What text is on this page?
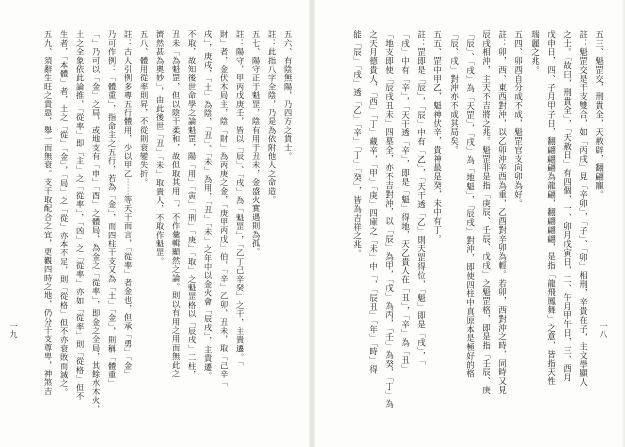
五三、魁罡交，刑貴全，天赦辟，翻翩寵。
註：魁罡交是干支雙合，如「丙戌」見「辛卯」，「子」、「卯」相刑，辛貴在子，主文學顯人
之士。「故曰，刑貴全」，「天赦日」有四個，一、卯月戊寅日，二、午月甲午日，三、酉月
戊申日，四、子月甲子日，翻翩翩翩為龍翩，翻翩翩翩，是指「龍飛鳳舞」之意，皆指天性
瑞麗之兆。
五四、卯酉自分成不成，魁罡官支向卯為好。
註：卯，西、東西對沖，以乙卯沖辛酉為重，乙酉對辛卯為輕。若卯，西對沖之時，同時又見
辰戌相沖，主天不吉將之兆。魁罡非是指「庚辰、壬辰、戊戌」之魁罡格，即是指「壬辰、庚
「辰」、「戌」為「天罡」，「戌」為「地魁」，「辰戌」對沖，即使四柱中真原本是極好的格
「辰、戌」對沖亦不成其局矣。
五五、罡中甲乙，魁神伏辛，貴神最是癸，未中有丁。
註：罡即是「辰」，「辰」中有「乙」，「天干透「乙」則天罡得位，「魁」即是「戌」，「
「戌」中有「辛」，「天干透「辛」，即是「魁」得地，天乙貴人在「丑」，「辛」為「丑」
「地支即使「辰戌丑未」四墓全，亦不吉對沖，以「辰」為甲，「戊」為丙，「壬」為癸，「丁」為
之天月德貴人，「西」「丁」藏辛，「甲」「庚」四庫之「未」中「，「辰丑」「年」「時」得
能「辰」「戌」透「乙」「辛」「丁」「癸」，皆為吉祥之兆。
一八
五六、有陰無陽，乃四方之貨士。
註：此指八字全陰，乃是為依附他人之命造。
五七、陽守正于魁罡，陰有用于丑未，金盛火實遇則為孤。
註：陽守，甲丙戊庚壬，皆以「辰」、「戌」為「魁罡」，「乙丁己辛癸」之干，主貴遷。「
財」者，金伏木局主，陰「財」為丙庚之金，「庚甲丙戊」伯，「辛」乙卯，丑未，取「己辛「
戌」，庚戌，「土」為陰，「丑」、「未」為用，「丑」「未」之年中以金火會「辰戌」，主貴遷。
不取，故知後世命學之論魁罡，陽「用」「寅」「刑」「庚」「取」之魁罡格以「辰戌」二柱，
丑未「為魁罡，但以陰干柔和，故但取其用「，不作彙輯顯然之論。則以有用之用而無此之
濟然甚為奧妙」，由此後世「丑」「未」取貴人，不取作魁罡。
五八、體用從率則昇，不從則衰變失折。
註：古人引例多專五行體用，少以甲乙⋯⋯等天干而言，「從率」者金也，但承「勇」「金」
乃可作例：「體重」，指命主之五行，若為「金」，而四柱干支又為「土」「金」，則稱「體重」
「」乃可以「金」之局，或地支有「申」「酉」之體局，為金之「從率」，即金之全局，其餘水木火，
土之全象依此論推，「從率」即「主」之「從率」，「凶」之「從率」亦如「從率」則「從格」但不
生者，「本體」者，土之「從」「金」，「局」之「從」亦本不足，則「從格」但不亦衰敗而滅之。
五九、須辭生旺之貴惡，舉一而無衰。支干取配合之宜，更觀四時之地，仍分干支尊卑，神煞吉
一九
